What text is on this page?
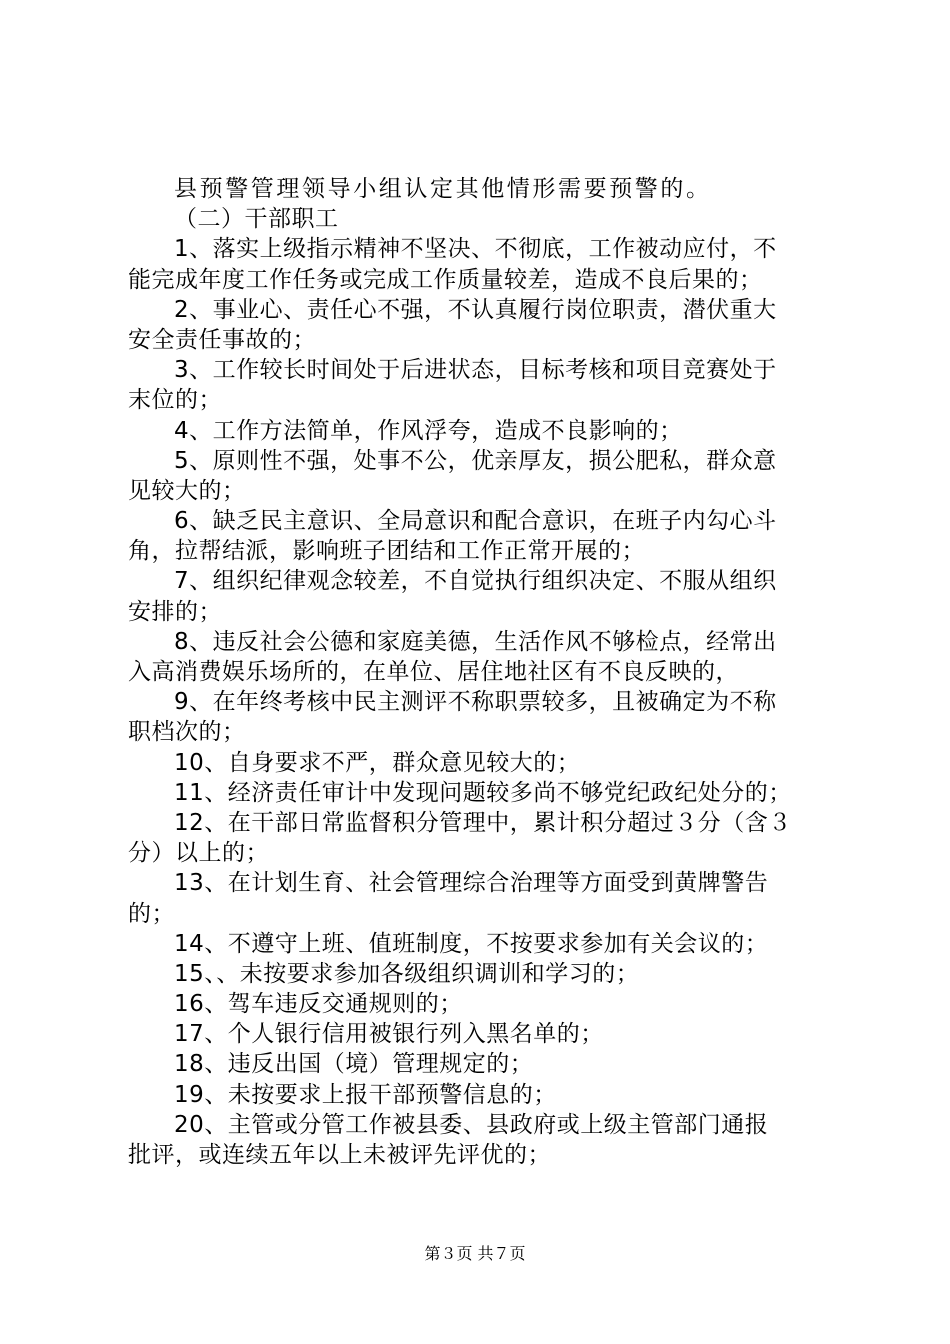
县预警管理领导小组认定其他情形需要预警的。
（二）干部职工
1、落实上级指示精神不坚决、不彻底，工作被动应付，不
能完成年度工作任务或完成工作质量较差，造成不良后果的；
2、事业心、责任心不强，不认真履行岗位职责，潜伏重大
安全责任事故的；
3、工作较长时间处于后进状态，目标考核和项目竞赛处于
末位的；
4、工作方法简单，作风浮夸，造成不良影响的；
5、原则性不强，处事不公，优亲厚友，损公肥私，群众意
见较大的；
6、缺乏民主意识、全局意识和配合意识，在班子内勾心斗
角，拉帮结派，影响班子团结和工作正常开展的；
7、组织纪律观念较差，不自觉执行组织决定、不服从组织
安排的；
8、违反社会公德和家庭美德，生活作风不够检点，经常出
入高消费娱乐场所的，在单位、居住地社区有不良反映的，
9、在年终考核中民主测评不称职票较多，且被确定为不称
职档次的；
10、自身要求不严，群众意见较大的；
11、经济责任审计中发现问题较多尚不够党纪政纪处分的；
12、在干部日常监督积分管理中，累计积分超过３分（含３
分）以上的；
13、在计划生育、社会管理综合治理等方面受到黄牌警告
的；
14、不遵守上班、值班制度，不按要求参加有关会议的；
15、、未按要求参加各级组织调训和学习的；
16、驾车违反交通规则的；
17、个人银行信用被银行列入黑名单的；
18、违反出国（境）管理规定的；
19、未按要求上报干部预警信息的；
20、主管或分管工作被县委、县政府或上级主管部门通报
批评，或连续五年以上未被评先评优的；
第３页 共７页
